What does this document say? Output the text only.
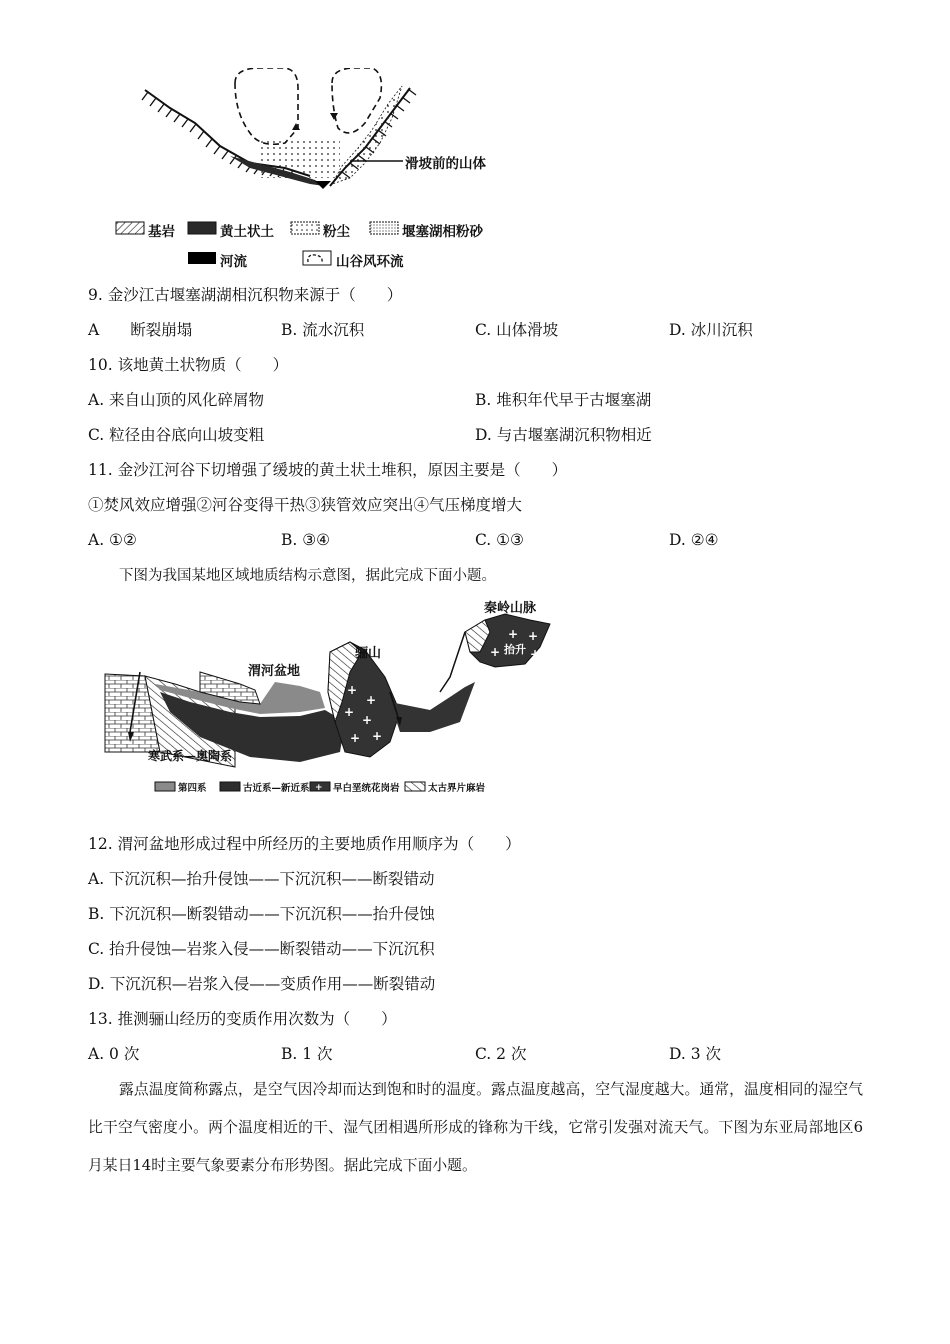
滑坡前的山体
基岩	黄土状土	粉尘	堰塞湖相粉砂
河流	山谷风环流
9. 金沙江古堰塞湖湖相沉积物来源于（　　）
A　　断裂崩塌	B. 流水沉积	C. 山体滑坡	D. 冰川沉积
10. 该地黄土状物质（　　）
A. 来自山顶的风化碎屑物	B. 堆积年代早于古堰塞湖
C. 粒径由谷底向山坡变粗	D. 与古堰塞湖沉积物相近
11. 金沙江河谷下切增强了缓坡的黄土状土堆积，原因主要是（　　）
①焚风效应增强②河谷变得干热③狭管效应突出④气压梯度增大
A. ①②	B. ③④	C. ①③	D. ②④
下图为我国某地区域地质结构示意图，据此完成下面小题。
+
+
+
+
+ +
+ +
+ +
+
秦岭山脉
骊山
渭河盆地
抬升
寒武系—奥陶系
第四系	古近系—新近系 早白垩统花岗岩	太古界片麻岩
12. 渭河盆地形成过程中所经历的主要地质作用顺序为（　　）
A. 下沉沉积—抬升侵蚀——下沉沉积——断裂错动
B. 下沉沉积—断裂错动——下沉沉积——抬升侵蚀
C. 抬升侵蚀—岩浆入侵——断裂错动——下沉沉积
D. 下沉沉积—岩浆入侵——变质作用——断裂错动
13. 推测骊山经历的变质作用次数为（　　）
A. 0 次	B. 1 次	C. 2 次	D. 3 次
露点温度简称露点，是空气因冷却而达到饱和时的温度。露点温度越高，空气湿度越大。通常，温度相同的湿空气比干空气密度小。两个温度相近的干、湿气团相遇所形成的锋称为干线，它常引发强对流天气。下图为东亚局部地区6月某日14时主要气象要素分布形势图。据此完成下面小题。
